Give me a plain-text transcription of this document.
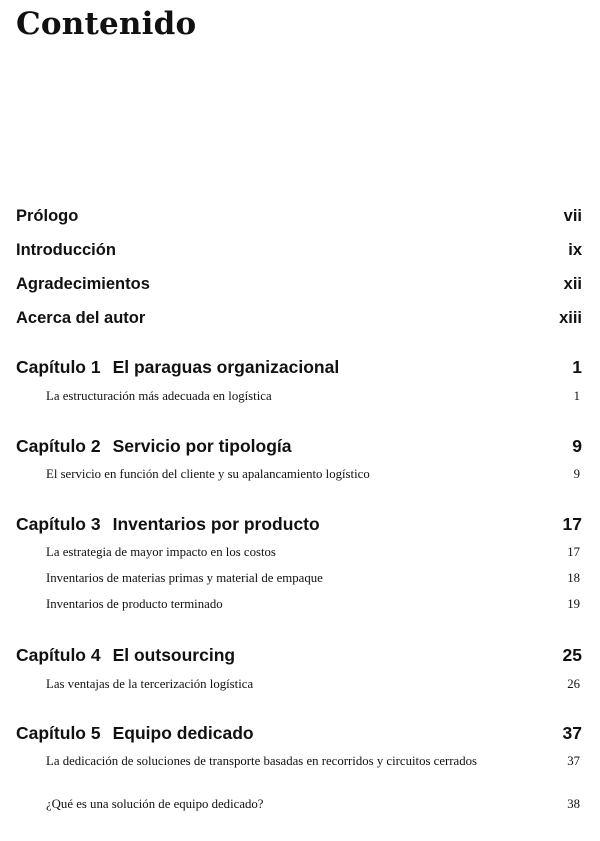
Contenido
Prólogo	vii
Introducción	ix
Agradecimientos	xii
Acerca del autor	xiii
Capítulo 1 El paraguas organizacional	1
La estructuración más adecuada en logística	1
Capítulo 2 Servicio por tipología	9
El servicio en función del cliente y su apalancamiento logístico	9
Capítulo 3 Inventarios por producto	17
La estrategia de mayor impacto en los costos	17
Inventarios de materias primas y material de empaque	18
Inventarios de producto terminado	19
Capítulo 4 El outsourcing	25
Las ventajas de la tercerización logística	26
Capítulo 5 Equipo dedicado	37
La dedicación de soluciones de transporte basadas en recorridos y circuitos cerrados	37
¿Qué es una solución de equipo dedicado?	38
